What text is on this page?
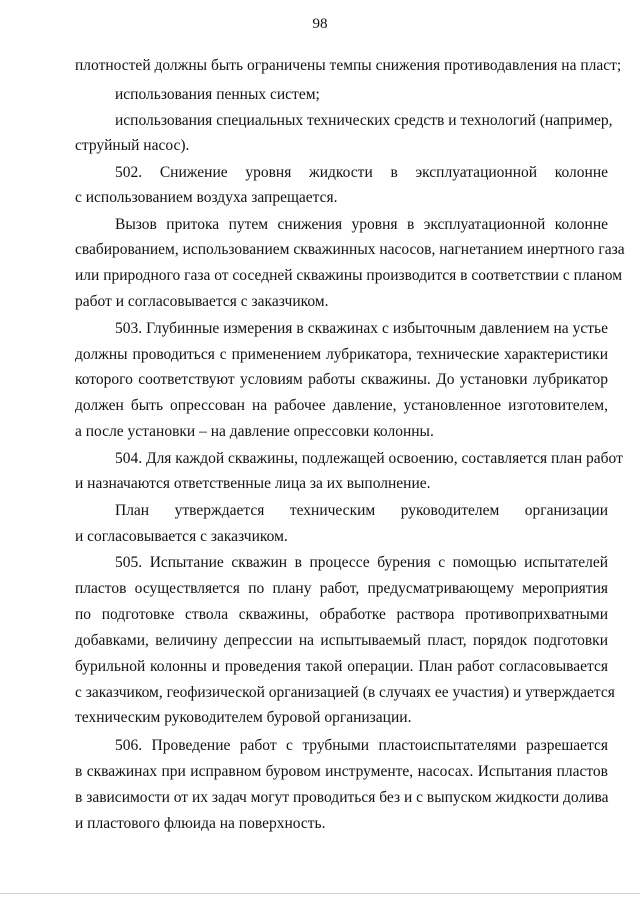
98
плотностей должны быть ограничены темпы снижения противодавления на пласт;
использования пенных систем;
использования специальных технических средств и технологий (например,
струйный насос).
502. Снижение уровня жидкости в эксплуатационной колонне
с использованием воздуха запрещается.
Вызов притока путем снижения уровня в эксплуатационной колонне
свабированием, использованием скважинных насосов, нагнетанием инертного газа
или природного газа от соседней скважины производится в соответствии с планом
работ и согласовывается с заказчиком.
503. Глубинные измерения в скважинах с избыточным давлением на устье
должны проводиться с применением лубрикатора, технические характеристики
которого соответствуют условиям работы скважины. До установки лубрикатор
должен быть опрессован на рабочее давление, установленное изготовителем,
а после установки – на давление опрессовки колонны.
504. Для каждой скважины, подлежащей освоению, составляется план работ
и назначаются ответственные лица за их выполнение.
План утверждается техническим руководителем организации
и согласовывается с заказчиком.
505. Испытание скважин в процессе бурения с помощью испытателей
пластов осуществляется по плану работ, предусматривающему мероприятия
по подготовке ствола скважины, обработке раствора противоприхватными
добавками, величину депрессии на испытываемый пласт, порядок подготовки
бурильной колонны и проведения такой операции. План работ согласовывается
с заказчиком, геофизической организацией (в случаях ее участия) и утверждается
техническим руководителем буровой организации.
506. Проведение работ с трубными пластоиспытателями разрешается
в скважинах при исправном буровом инструменте, насосах. Испытания пластов
в зависимости от их задач могут проводиться без и с выпуском жидкости долива
и пластового флюида на поверхность.
